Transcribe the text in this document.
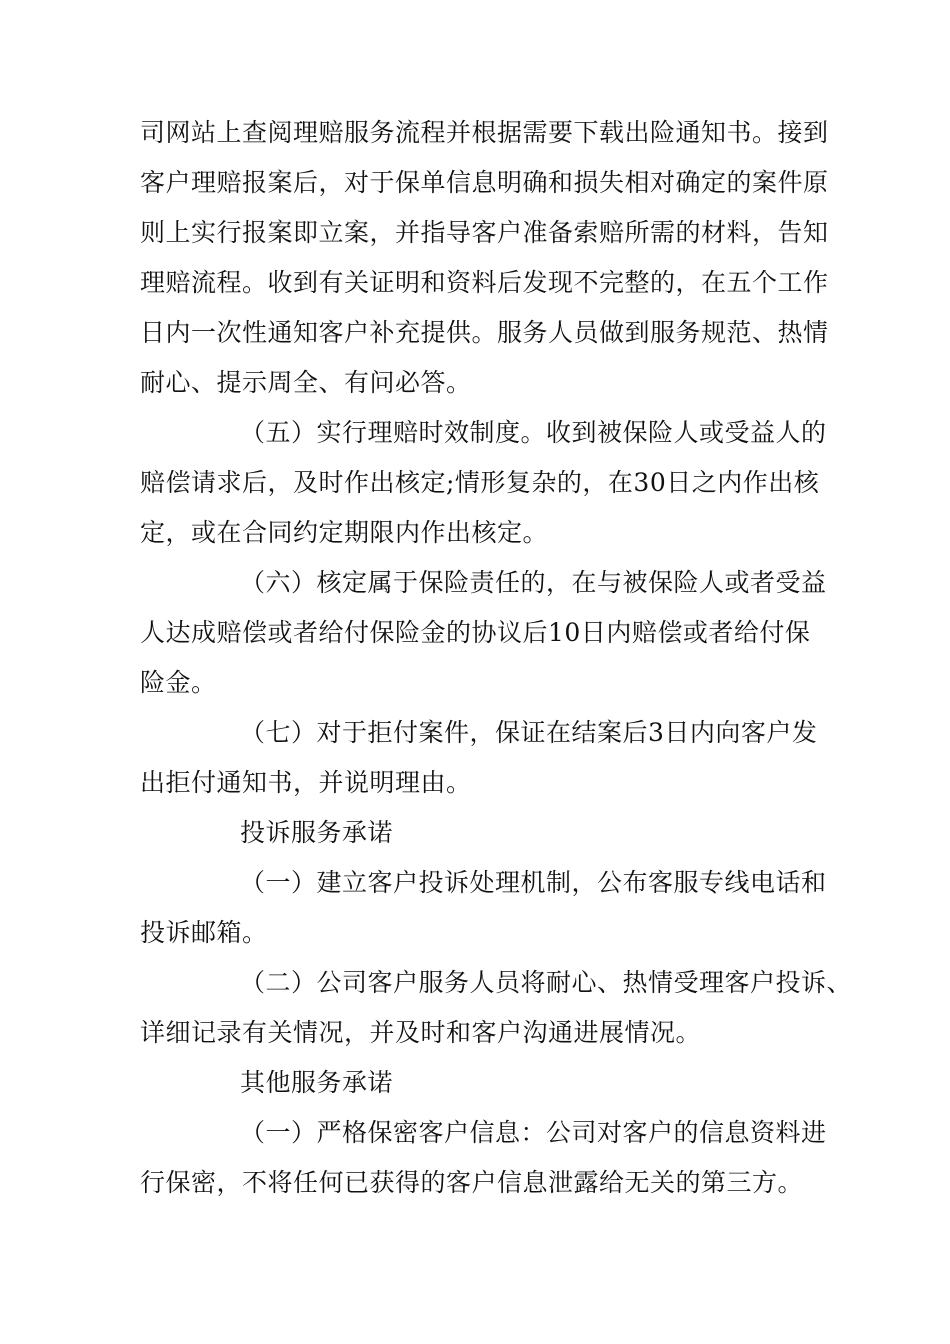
司网站上查阅理赔服务流程并根据需要下载出险通知书。接到
客户理赔报案后，对于保单信息明确和损失相对确定的案件原
则上实行报案即立案，并指导客户准备索赔所需的材料，告知
理赔流程。收到有关证明和资料后发现不完整的，在五个工作
日内一次性通知客户补充提供。服务人员做到服务规范、热情
耐心、提示周全、有问必答。
（五）实行理赔时效制度。收到被保险人或受益人的
赔偿请求后，及时作出核定;情形复杂的，在30日之内作出核
定，或在合同约定期限内作出核定。
（六）核定属于保险责任的，在与被保险人或者受益
人达成赔偿或者给付保险金的协议后10日内赔偿或者给付保
险金。
（七）对于拒付案件，保证在结案后3日内向客户发
出拒付通知书，并说明理由。
投诉服务承诺
（一）建立客户投诉处理机制，公布客服专线电话和
投诉邮箱。
（二）公司客户服务人员将耐心、热情受理客户投诉、
详细记录有关情况，并及时和客户沟通进展情况。
其他服务承诺
（一）严格保密客户信息：公司对客户的信息资料进
行保密，不将任何已获得的客户信息泄露给无关的第三方。
